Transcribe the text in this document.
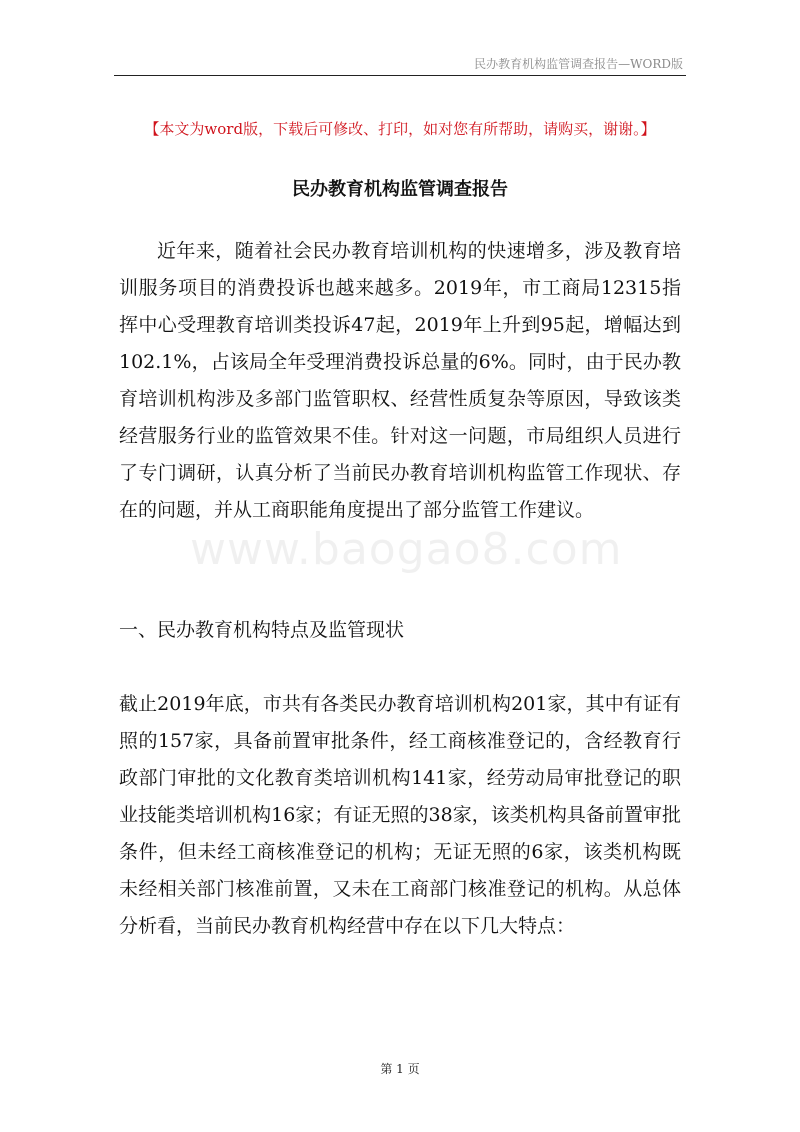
民办教育机构监管调查报告—WORD版
【本文为word版，下载后可修改、打印，如对您有所帮助，请购买，谢谢。】
民办教育机构监管调查报告
近年来，随着社会民办教育培训机构的快速增多，涉及教育培训服务项目的消费投诉也越来越多。2019年，市工商局12315指挥中心受理教育培训类投诉47起，2019年上升到95起，增幅达到102.1%，占该局全年受理消费投诉总量的6%。同时，由于民办教育培训机构涉及多部门监管职权、经营性质复杂等原因，导致该类经营服务行业的监管效果不佳。针对这一问题，市局组织人员进行了专门调研，认真分析了当前民办教育培训机构监管工作现状、存在的问题，并从工商职能角度提出了部分监管工作建议。
www.baogao8.com
一、民办教育机构特点及监管现状
截止2019年底，市共有各类民办教育培训机构201家，其中有证有照的157家，具备前置审批条件，经工商核准登记的，含经教育行政部门审批的文化教育类培训机构141家，经劳动局审批登记的职业技能类培训机构16家；有证无照的38家，该类机构具备前置审批条件，但未经工商核准登记的机构；无证无照的6家，该类机构既未经相关部门核准前置，又未在工商部门核准登记的机构。从总体分析看，当前民办教育机构经营中存在以下几大特点：
第 1 页
